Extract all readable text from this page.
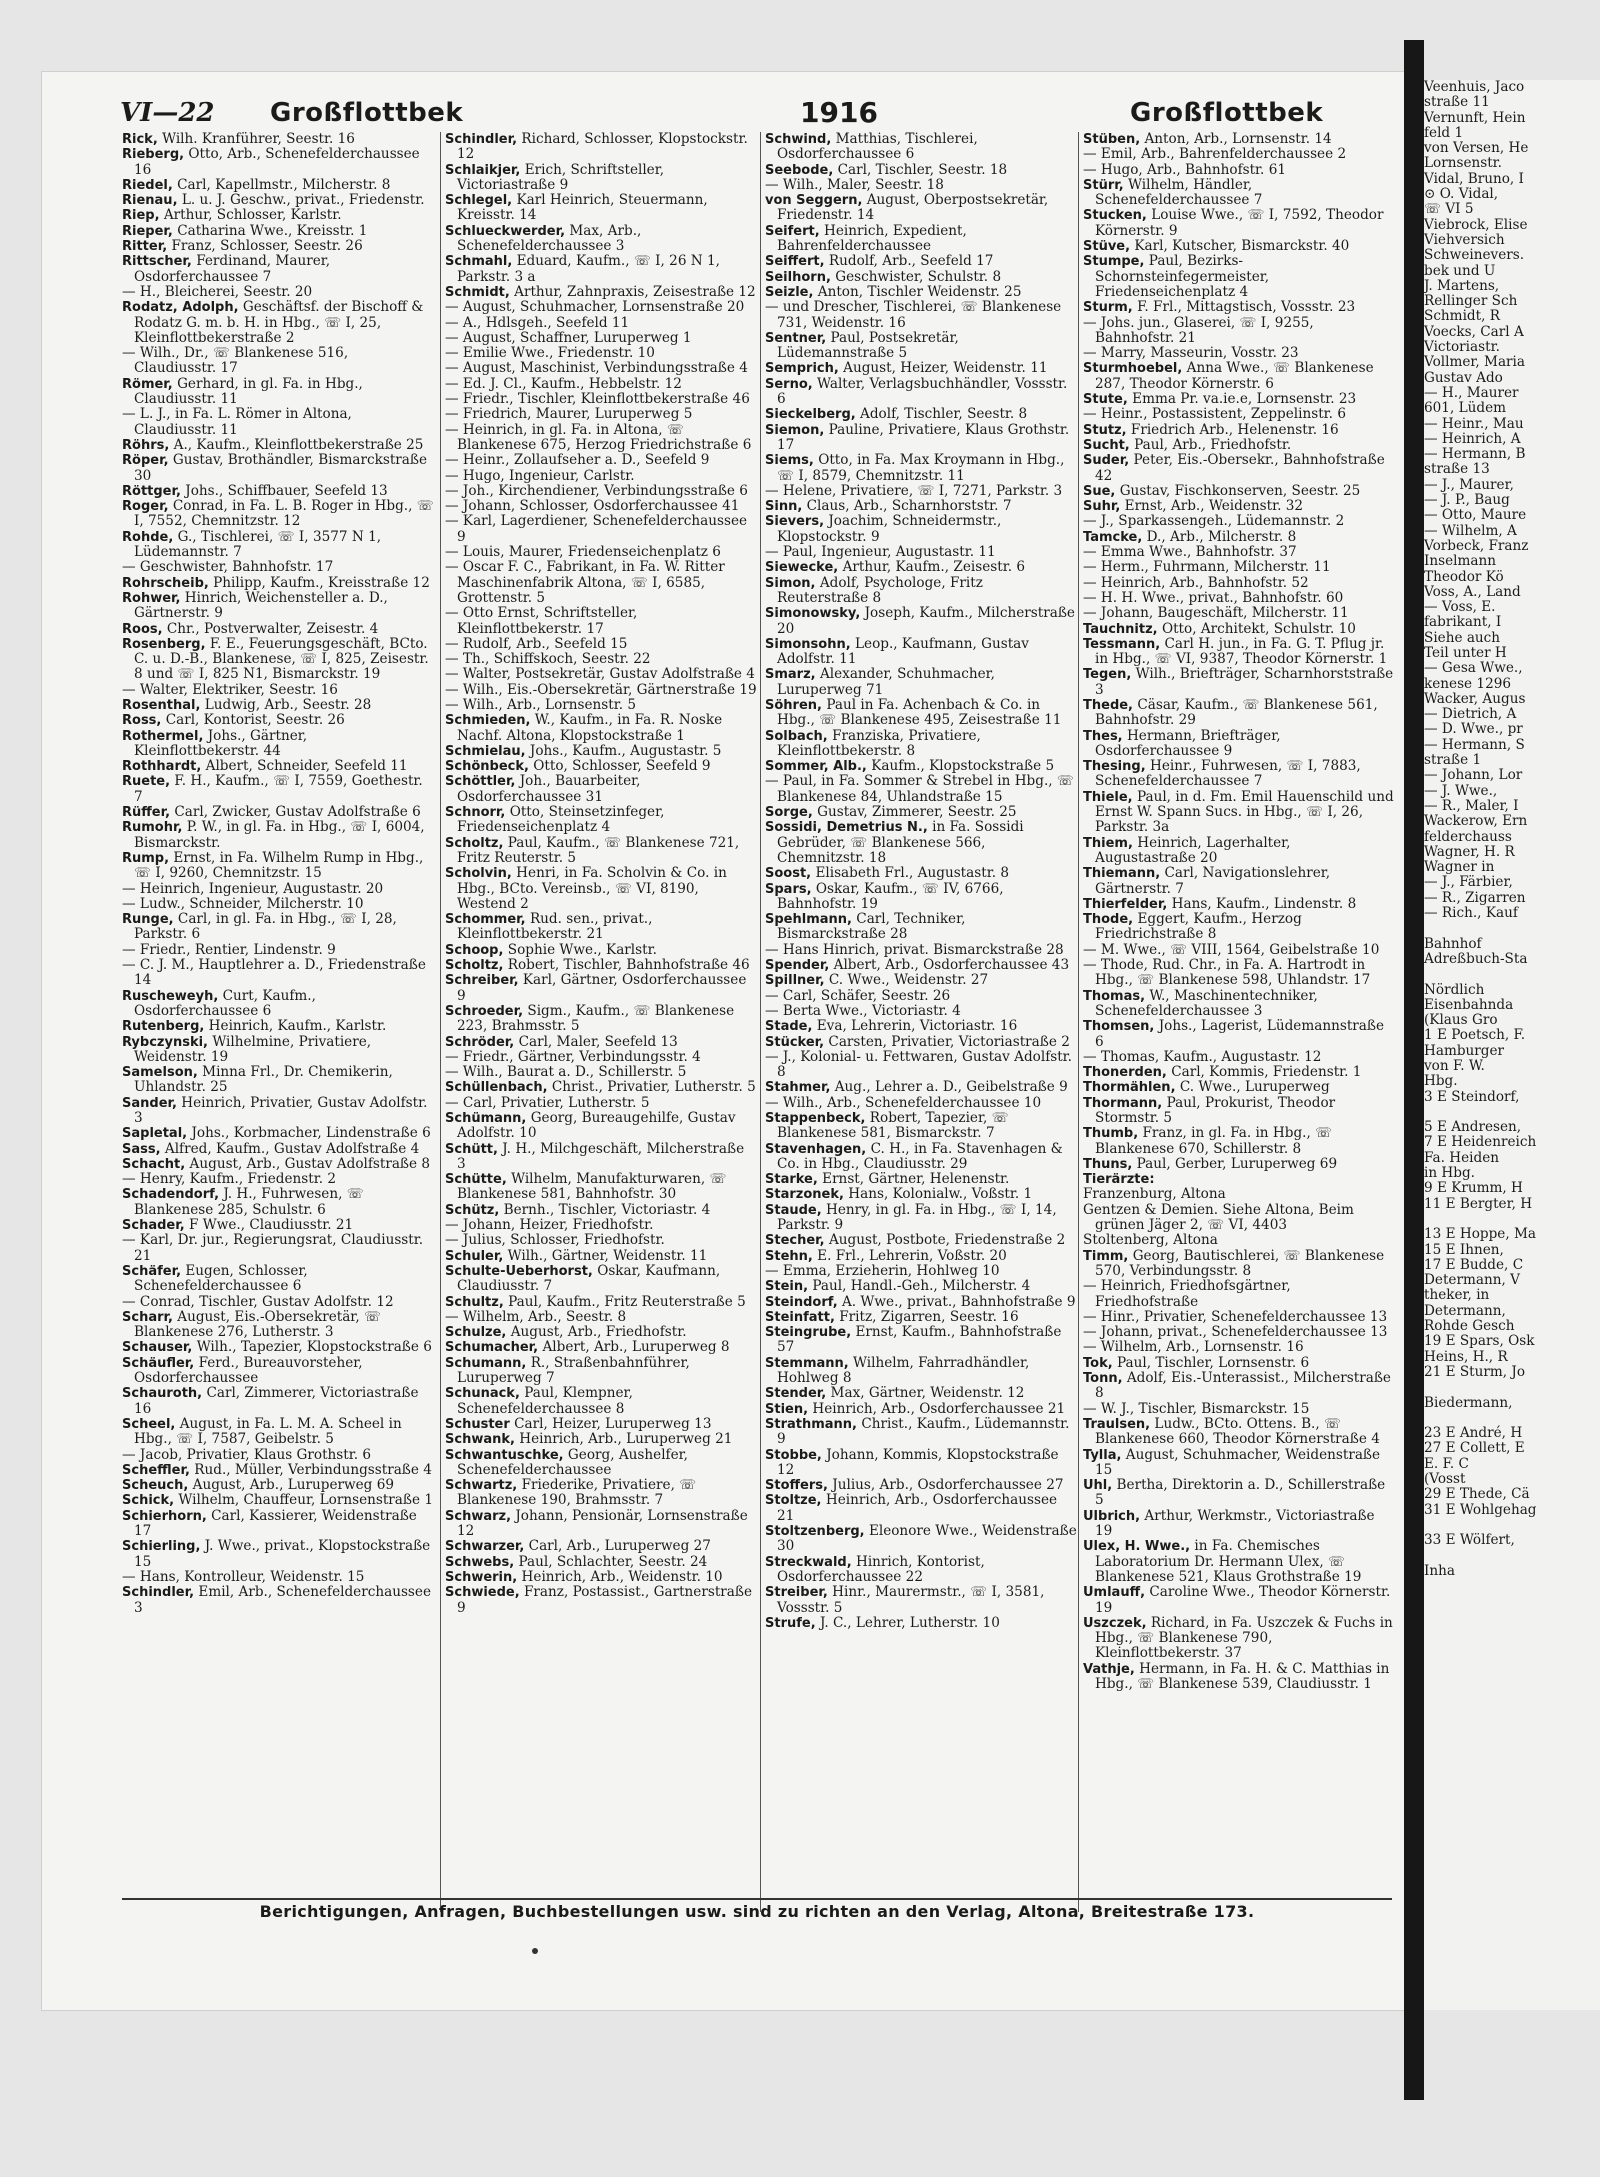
VI—22 Großflottbek	1916	Großflottbek

Rick, Wilh. Kranführer, Seestr. 16

Rieberg, Otto, Arb., Schenefelderchaussee 16

Riedel, Carl, Kapellmstr., Milcherstr. 8

Rienau, L. u. J. Geschw., privat., Friedenstr.

Riep, Arthur, Schlosser, Karlstr.

Rieper, Catharina Wwe., Kreisstr. 1

Ritter, Franz, Schlosser, Seestr. 26

Rittscher, Ferdinand, Maurer, Osdorferchaussee 7

— H., Bleicherei, Seestr. 20

Rodatz, Adolph, Geschäftsf. der Bischoff & Rodatz G. m. b. H. in Hbg., ☏ I, 25, Kleinflottbekerstraße 2

— Wilh., Dr., ☏ Blankenese 516, Claudiusstr. 17

Römer, Gerhard, in gl. Fa. in Hbg., Claudiusstr. 11

— L. J., in Fa. L. Römer in Altona, Claudiusstr. 11

Röhrs, A., Kaufm., Kleinflottbekerstraße 25

Röper, Gustav, Brothändler, Bismarckstraße 30

Röttger, Johs., Schiffbauer, Seefeld 13

Roger, Conrad, in Fa. L. B. Roger in Hbg., ☏ I, 7552, Chemnitzstr. 12

Rohde, G., Tischlerei, ☏ I, 3577 N 1, Lüdemannstr. 7

— Geschwister, Bahnhofstr. 17

Rohrscheib, Philipp, Kaufm., Kreisstraße 12

Rohwer, Hinrich, Weichensteller a. D., Gärtnerstr. 9

Roos, Chr., Postverwalter, Zeisestr. 4

Rosenberg, F. E., Feuerungsgeschäft, BCto. C. u. D.-B., Blankenese, ☏ I, 825, Zeisestr. 8 und ☏ I, 825 N1, Bismarckstr. 19

— Walter, Elektriker, Seestr. 16

Rosenthal, Ludwig, Arb., Seestr. 28

Ross, Carl, Kontorist, Seestr. 26

Rothermel, Johs., Gärtner, Kleinflottbekerstr. 44

Rothhardt, Albert, Schneider, Seefeld 11

Ruete, F. H., Kaufm., ☏ I, 7559, Goethestr. 7

Rüffer, Carl, Zwicker, Gustav Adolfstraße 6

Rumohr, P. W., in gl. Fa. in Hbg., ☏ I, 6004, Bismarckstr.

Rump, Ernst, in Fa. Wilhelm Rump in Hbg., ☏ I, 9260, Chemnitzstr. 15

— Heinrich, Ingenieur, Augustastr. 20

— Ludw., Schneider, Milcherstr. 10

Runge, Carl, in gl. Fa. in Hbg., ☏ I, 28, Parkstr. 6

— Friedr., Rentier, Lindenstr. 9

— C. J. M., Hauptlehrer a. D., Friedenstraße 14

Ruscheweyh, Curt, Kaufm., Osdorferchaussee 6

Rutenberg, Heinrich, Kaufm., Karlstr.

Rybczynski, Wilhelmine, Privatiere, Weidenstr. 19

Samelson, Minna Frl., Dr. Chemikerin, Uhlandstr. 25

Sander, Heinrich, Privatier, Gustav Adolfstr. 3

Sapletal, Johs., Korbmacher, Lindenstraße 6

Sass, Alfred, Kaufm., Gustav Adolfstraße 4

Schacht, August, Arb., Gustav Adolfstraße 8

— Henry, Kaufm., Friedenstr. 2

Schadendorf, J. H., Fuhrwesen, ☏ Blankenese 285, Schulstr. 6

Schader, F Wwe., Claudiusstr. 21

— Karl, Dr. jur., Regierungsrat, Claudiusstr. 21

Schäfer, Eugen, Schlosser, Schenefelderchaussee 6

— Conrad, Tischler, Gustav Adolfstr. 12

Scharr, August, Eis.-Obersekretär, ☏ Blankenese 276, Lutherstr. 3

Schauser, Wilh., Tapezier, Klopstockstraße 6

Schäufler, Ferd., Bureauvorsteher, Osdorferchaussee

Schauroth, Carl, Zimmerer, Victoriastraße 16

Scheel, August, in Fa. L. M. A. Scheel in Hbg., ☏ I, 7587, Geibelstr. 5

— Jacob, Privatier, Klaus Grothstr. 6

Scheffler, Rud., Müller, Verbindungsstraße 4

Scheuch, August, Arb., Luruperweg 69

Schick, Wilhelm, Chauffeur, Lornsenstraße 1

Schierhorn, Carl, Kassierer, Weidenstraße 17

Schierling, J. Wwe., privat., Klopstockstraße 15

— Hans, Kontrolleur, Weidenstr. 15

Schindler, Emil, Arb., Schenefelderchaussee 3

Schindler, Richard, Schlosser, Klopstockstr. 12

Schlaikjer, Erich, Schriftsteller, Victoriastraße 9

Schlegel, Karl Heinrich, Steuermann, Kreisstr. 14

Schlueckwerder, Max, Arb., Schenefelderchaussee 3

Schmahl, Eduard, Kaufm., ☏ I, 26 N 1, Parkstr. 3 a

Schmidt, Arthur, Zahnpraxis, Zeisestraße 12

— August, Schuhmacher, Lornsenstraße 20

— A., Hdlsgeh., Seefeld 11

— August, Schaffner, Luruperweg 1

— Emilie Wwe., Friedenstr. 10

— August, Maschinist, Verbindungsstraße 4

— Ed. J. Cl., Kaufm., Hebbelstr. 12

— Friedr., Tischler, Kleinflottbekerstraße 46

— Friedrich, Maurer, Luruperweg 5

— Heinrich, in gl. Fa. in Altona, ☏ Blankenese 675, Herzog Friedrichstraße 6

— Heinr., Zollaufseher a. D., Seefeld 9

— Hugo, Ingenieur, Carlstr.

— Joh., Kirchendiener, Verbindungsstraße 6

— Johann, Schlosser, Osdorferchaussee 41

— Karl, Lagerdiener, Schenefelderchaussee 9

— Louis, Maurer, Friedenseichenplatz 6

— Oscar F. C., Fabrikant, in Fa. W. Ritter Maschinenfabrik Altona, ☏ I, 6585, Grottenstr. 5

— Otto Ernst, Schriftsteller, Kleinflottbekerstr. 17

— Rudolf, Arb., Seefeld 15

— Th., Schiffskoch, Seestr. 22

— Walter, Postsekretär, Gustav Adolfstraße 4

— Wilh., Eis.-Obersekretär, Gärtnerstraße 19

— Wilh., Arb., Lornsenstr. 5

Schmieden, W., Kaufm., in Fa. R. Noske Nachf. Altona, Klopstockstraße 1

Schmielau, Johs., Kaufm., Augustastr. 5

Schönbeck, Otto, Schlosser, Seefeld 9

Schöttler, Joh., Bauarbeiter, Osdorferchaussee 31

Schnorr, Otto, Steinsetzinfeger, Friedenseichenplatz 4

Scholtz, Paul, Kaufm., ☏ Blankenese 721, Fritz Reuterstr. 5

Scholvin, Henri, in Fa. Scholvin & Co. in Hbg., BCto. Vereinsb., ☏ VI, 8190, Westend 2

Schommer, Rud. sen., privat., Kleinflottbekerstr. 21

Schoop, Sophie Wwe., Karlstr.

Scholtz, Robert, Tischler, Bahnhofstraße 46

Schreiber, Karl, Gärtner, Osdorferchaussee 9

Schroeder, Sigm., Kaufm., ☏ Blankenese 223, Brahmsstr. 5

Schröder, Carl, Maler, Seefeld 13

— Friedr., Gärtner, Verbindungsstr. 4

— Wilh., Baurat a. D., Schillerstr. 5

Schüllenbach, Christ., Privatier, Lutherstr. 5

— Carl, Privatier, Lutherstr. 5

Schümann, Georg, Bureaugehilfe, Gustav Adolfstr. 10

Schütt, J. H., Milchgeschäft, Milcherstraße 3

Schütte, Wilhelm, Manufakturwaren, ☏ Blankenese 581, Bahnhofstr. 30

Schütz, Bernh., Tischler, Victoriastr. 4

— Johann, Heizer, Friedhofstr.

— Julius, Schlosser, Friedhofstr.

Schuler, Wilh., Gärtner, Weidenstr. 11

Schulte-Ueberhorst, Oskar, Kaufmann, Claudiusstr. 7

Schultz, Paul, Kaufm., Fritz Reuterstraße 5

— Wilhelm, Arb., Seestr. 8

Schulze, August, Arb., Friedhofstr.

Schumacher, Albert, Arb., Luruperweg 8

Schumann, R., Straßenbahnführer, Luruperweg 7

Schunack, Paul, Klempner, Schenefelderchaussee 8

Schuster Carl, Heizer, Luruperweg 13

Schwank, Heinrich, Arb., Luruperweg 21

Schwantuschke, Georg, Aushelfer, Schenefelderchaussee

Schwartz, Friederike, Privatiere, ☏ Blankenese 190, Brahmsstr. 7

Schwarz, Johann, Pensionär, Lornsenstraße 12

Schwarzer, Carl, Arb., Luruperweg 27

Schwebs, Paul, Schlachter, Seestr. 24

Schwerin, Heinrich, Arb., Weidenstr. 10

Schwiede, Franz, Postassist., Gartnerstraße 9

Schwind, Matthias, Tischlerei, Osdorferchaussee 6

Seebode, Carl, Tischler, Seestr. 18

— Wilh., Maler, Seestr. 18

von Seggern, August, Oberpostsekretär, Friedenstr. 14

Seifert, Heinrich, Expedient, Bahrenfelderchaussee

Seiffert, Rudolf, Arb., Seefeld 17

Seilhorn, Geschwister, Schulstr. 8

Seizle, Anton, Tischler Weidenstr. 25

— und Drescher, Tischlerei, ☏ Blankenese 731, Weidenstr. 16

Sentner, Paul, Postsekretär, Lüdemannstraße 5

Semprich, August, Heizer, Weidenstr. 11

Serno, Walter, Verlagsbuchhändler, Vossstr. 6

Sieckelberg, Adolf, Tischler, Seestr. 8

Siemon, Pauline, Privatiere, Klaus Grothstr. 17

Siems, Otto, in Fa. Max Kroymann in Hbg., ☏ I, 8579, Chemnitzstr. 11

— Helene, Privatiere, ☏ I, 7271, Parkstr. 3

Sinn, Claus, Arb., Scharnhorststr. 7

Sievers, Joachim, Schneidermstr., Klopstockstr. 9

— Paul, Ingenieur, Augustastr. 11

Siewecke, Arthur, Kaufm., Zeisestr. 6

Simon, Adolf, Psychologe, Fritz Reuterstraße 8

Simonowsky, Joseph, Kaufm., Milcherstraße 20

Simonsohn, Leop., Kaufmann, Gustav Adolfstr. 11

Smarz, Alexander, Schuhmacher, Luruperweg 71

Söhren, Paul in Fa. Achenbach & Co. in Hbg., ☏ Blankenese 495, Zeisestraße 11

Solbach, Franziska, Privatiere, Kleinflottbekerstr. 8

Sommer, Alb., Kaufm., Klopstockstraße 5

— Paul, in Fa. Sommer & Strebel in Hbg., ☏ Blankenese 84, Uhlandstraße 15

Sorge, Gustav, Zimmerer, Seestr. 25

Sossidi, Demetrius N., in Fa. Sossidi Gebrüder, ☏ Blankenese 566, Chemnitzstr. 18

Soost, Elisabeth Frl., Augustastr. 8

Spars, Oskar, Kaufm., ☏ IV, 6766, Bahnhofstr. 19

Spehlmann, Carl, Techniker, Bismarckstraße 28

— Hans Hinrich, privat. Bismarckstraße 28

Spender, Albert, Arb., Osdorferchaussee 43

Spillner, C. Wwe., Weidenstr. 27

— Carl, Schäfer, Seestr. 26

— Berta Wwe., Victoriastr. 4

Stade, Eva, Lehrerin, Victoriastr. 16

Stücker, Carsten, Privatier, Victoriastraße 2

— J., Kolonial- u. Fettwaren, Gustav Adolfstr. 8

Stahmer, Aug., Lehrer a. D., Geibelstraße 9

— Wilh., Arb., Schenefelderchaussee 10

Stappenbeck, Robert, Tapezier, ☏ Blankenese 581, Bismarckstr. 7

Stavenhagen, C. H., in Fa. Stavenhagen & Co. in Hbg., Claudiusstr. 29

Starke, Ernst, Gärtner, Helenenstr.

Starzonek, Hans, Kolonialw., Voßstr. 1

Staude, Henry, in gl. Fa. in Hbg., ☏ I, 14, Parkstr. 9

Stecher, August, Postbote, Friedenstraße 2

Stehn, E. Frl., Lehrerin, Voßstr. 20

— Emma, Erzieherin, Hohlweg 10

Stein, Paul, Handl.-Geh., Milcherstr. 4

Steindorf, A. Wwe., privat., Bahnhofstraße 9

Steinfatt, Fritz, Zigarren, Seestr. 16

Steingrube, Ernst, Kaufm., Bahnhofstraße 57

Stemmann, Wilhelm, Fahrradhändler, Hohlweg 8

Stender, Max, Gärtner, Weidenstr. 12

Stien, Heinrich, Arb., Osdorferchaussee 21

Strathmann, Christ., Kaufm., Lüdemannstr. 9

Stobbe, Johann, Kommis, Klopstockstraße 12

Stoffers, Julius, Arb., Osdorferchaussee 27

Stoltze, Heinrich, Arb., Osdorferchaussee 21

Stoltzenberg, Eleonore Wwe., Weidenstraße 30

Streckwald, Hinrich, Kontorist, Osdorferchaussee 22

Streiber, Hinr., Maurermstr., ☏ I, 3581, Vossstr. 5

Strufe, J. C., Lehrer, Lutherstr. 10

Stüben, Anton, Arb., Lornsenstr. 14

— Emil, Arb., Bahrenfelderchaussee 2

— Hugo, Arb., Bahnhofstr. 61

Stürr, Wilhelm, Händler, Schenefelderchaussee 7

Stucken, Louise Wwe., ☏ I, 7592, Theodor Körnerstr. 9

Stüve, Karl, Kutscher, Bismarckstr. 40

Stumpe, Paul, Bezirks-Schornsteinfegermeister, Friedenseichenplatz 4

Sturm, F. Frl., Mittagstisch, Vossstr. 23

— Johs. jun., Glaserei, ☏ I, 9255, Bahnhofstr. 21

— Marry, Masseurin, Vosstr. 23

Sturmhoebel, Anna Wwe., ☏ Blankenese 287, Theodor Körnerstr. 6

Stute, Emma Pr. va.ie.e, Lornsenstr. 23

— Heinr., Postassistent, Zeppelinstr. 6

Stutz, Friedrich Arb., Helenenstr. 16

Sucht, Paul, Arb., Friedhofstr.

Suder, Peter, Eis.-Obersekr., Bahnhofstraße 42

Sue, Gustav, Fischkonserven, Seestr. 25

Suhr, Ernst, Arb., Weidenstr. 32

— J., Sparkassengeh., Lüdemannstr. 2

Tamcke, D., Arb., Milcherstr. 8

— Emma Wwe., Bahnhofstr. 37

— Herm., Fuhrmann, Milcherstr. 11

— Heinrich, Arb., Bahnhofstr. 52

— H. H. Wwe., privat., Bahnhofstr. 60

— Johann, Baugeschäft, Milcherstr. 11

Tauchnitz, Otto, Architekt, Schulstr. 10

Tessmann, Carl H. jun., in Fa. G. T. Pflug jr. in Hbg., ☏ VI, 9387, Theodor Körnerstr. 1

Tegen, Wilh., Briefträger, Scharnhorststraße 3

Thede, Cäsar, Kaufm., ☏ Blankenese 561, Bahnhofstr. 29

Thes, Hermann, Briefträger, Osdorferchaussee 9

Thesing, Heinr., Fuhrwesen, ☏ I, 7883, Schenefelderchaussee 7

Thiele, Paul, in d. Fm. Emil Hauenschild und Ernst W. Spann Sucs. in Hbg., ☏ I, 26, Parkstr. 3a

Thiem, Heinrich, Lagerhalter, Augustastraße 20

Thiemann, Carl, Navigationslehrer, Gärtnerstr. 7

Thierfelder, Hans, Kaufm., Lindenstr. 8

Thode, Eggert, Kaufm., Herzog Friedrichstraße 8

— M. Wwe., ☏ VIII, 1564, Geibelstraße 10

— Thode, Rud. Chr., in Fa. A. Hartrodt in Hbg., ☏ Blankenese 598, Uhlandstr. 17

Thomas, W., Maschinentechniker, Schenefelderchaussee 3

Thomsen, Johs., Lagerist, Lüdemannstraße 6

— Thomas, Kaufm., Augustastr. 12

Thonerden, Carl, Kommis, Friedenstr. 1

Thormählen, C. Wwe., Luruperweg

Thormann, Paul, Prokurist, Theodor Stormstr. 5

Thumb, Franz, in gl. Fa. in Hbg., ☏ Blankenese 670, Schillerstr. 8

Thuns, Paul, Gerber, Luruperweg 69

Tierärzte:

Franzenburg, Altona

Gentzen & Demien. Siehe Altona, Beim grünen Jäger 2, ☏ VI, 4403

Stoltenberg, Altona

Timm, Georg, Bautischlerei, ☏ Blankenese 570, Verbindungsstr. 8

— Heinrich, Friedhofsgärtner, Friedhofstraße

— Hinr., Privatier, Schenefelderchaussee 13

— Johann, privat., Schenefelderchaussee 13

— Wilhelm, Arb., Lornsenstr. 16

Tok, Paul, Tischler, Lornsenstr. 6

Tonn, Adolf, Eis.-Unterassist., Milcherstraße 8

— W. J., Tischler, Bismarckstr. 15

Traulsen, Ludw., BCto. Ottens. B., ☏ Blankenese 660, Theodor Körnerstraße 4

Tylla, August, Schuhmacher, Weidenstraße 15

Uhl, Bertha, Direktorin a. D., Schillerstraße 5

Ulbrich, Arthur, Werkmstr., Victoriastraße 19

Ulex, H. Wwe., in Fa. Chemisches Laboratorium Dr. Hermann Ulex, ☏ Blankenese 521, Klaus Grothstraße 19

Umlauff, Caroline Wwe., Theodor Körnerstr. 19

Uszczek, Richard, in Fa. Uszczek & Fuchs in Hbg., ☏ Blankenese 790, Kleinflottbekerstr. 37

Vathje, Hermann, in Fa. H. & C. Matthias in Hbg., ☏ Blankenese 539, Claudiusstr. 1

Berichtigungen, Anfragen, Buchbestellungen usw. sind zu richten an den Verlag, Altona, Breitestraße 173.
Veenhuis, Jaco
straße 11
Vernunft, Hein
feld 1
von Versen, He
Lornsenstr.
Vidal, Bruno, I
⊙ O. Vidal,
☏ VI 5
Viebrock, Elise
Viehversich
Schweinevers.
bek und U
J. Martens,
Rellinger Sch
Schmidt, R
Voecks, Carl A
Victoriastr.
Vollmer, Maria
Gustav Ado
— H., Maurer
601, Lüdem
— Heinr., Mau
— Heinrich, A
— Hermann, B
straße 13
— J., Maurer,
— J. P., Baug
— Otto, Maure
— Wilhelm, A
Vorbeck, Franz
Inselmann
Theodor Kö
Voss, A., Land
— Voss, E.
fabrikant, I
Siehe auch
Teil unter H
— Gesa Wwe.,
kenese 1296
Wacker, Augus
— Dietrich, A
— D. Wwe., pr
— Hermann, S
straße 1
— Johann, Lor
— J. Wwe.,
— R., Maler, I
Wackerow, Ern
felderchauss
Wagner, H. R
Wagner in
— J., Färbier,
— R., Zigarren
— Rich., Kauf

Bahnhof
Adreßbuch-Sta

Nördlich
Eisenbahnda
(Klaus Gro
1 E Poetsch, F.
Hamburger
von F. W.
Hbg.
3 E Steindorf,

5 E Andresen,
7 E Heidenreich
Fa. Heiden
in Hbg.
9 E Krumm, H
11 E Bergter, H

13 E Hoppe, Ma
15 E Ihnen,
17 E Budde, C
Determann, V
theker, in
Determann,
Rohde Gesch
19 E Spars, Osk
Heins, H., R
21 E Sturm, Jo

Biedermann,

23 E André, H
27 E Collett, E
E. F. C
(Vosst
29 E Thede, Cä
31 E Wohlgehag

33 E Wölfert,

Inha
